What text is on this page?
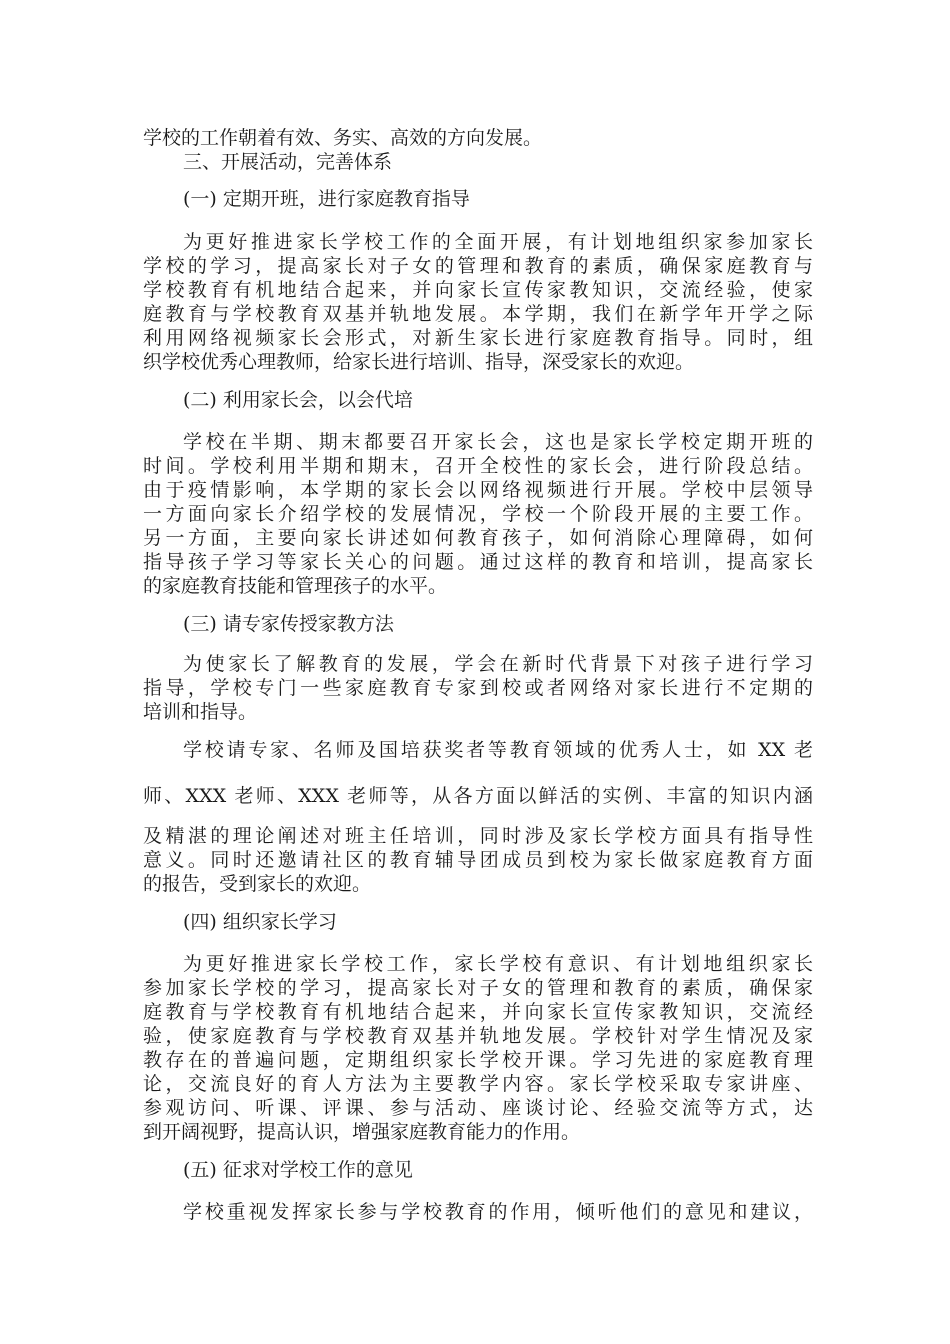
学校的工作朝着有效、务实、高效的方向发展。
三、开展活动，完善体系
(一) 定期开班，进行家庭教育指导
为更好推进家长学校工作的全面开展，有计划地组织家参加家长
学校的学习，提高家长对子女的管理和教育的素质，确保家庭教育与
学校教育有机地结合起来，并向家长宣传家教知识，交流经验，使家
庭教育与学校教育双基并轨地发展。本学期，我们在新学年开学之际
利用网络视频家长会形式，对新生家长进行家庭教育指导。同时，组
织学校优秀心理教师，给家长进行培训、指导，深受家长的欢迎。
(二) 利用家长会，以会代培
学校在半期、期末都要召开家长会，这也是家长学校定期开班的
时间。学校利用半期和期末，召开全校性的家长会，进行阶段总结。
由于疫情影响，本学期的家长会以网络视频进行开展。学校中层领导
一方面向家长介绍学校的发展情况，学校一个阶段开展的主要工作。
另一方面，主要向家长讲述如何教育孩子，如何消除心理障碍，如何
指导孩子学习等家长关心的问题。通过这样的教育和培训，提高家长
的家庭教育技能和管理孩子的水平。
(三) 请专家传授家教方法
为使家长了解教育的发展，学会在新时代背景下对孩子进行学习
指导，学校专门一些家庭教育专家到校或者网络对家长进行不定期的
培训和指导。
学校请专家、名师及国培获奖者等教育领域的优秀人士，如 XX 老
师、XXX 老师、XXX 老师等，从各方面以鲜活的实例、丰富的知识内涵
及精湛的理论阐述对班主任培训，同时涉及家长学校方面具有指导性
意义。同时还邀请社区的教育辅导团成员到校为家长做家庭教育方面
的报告，受到家长的欢迎。
(四) 组织家长学习
为更好推进家长学校工作，家长学校有意识、有计划地组织家长
参加家长学校的学习，提高家长对子女的管理和教育的素质，确保家
庭教育与学校教育有机地结合起来，并向家长宣传家教知识，交流经
验，使家庭教育与学校教育双基并轨地发展。学校针对学生情况及家
教存在的普遍问题，定期组织家长学校开课。学习先进的家庭教育理
论，交流良好的育人方法为主要教学内容。家长学校采取专家讲座、
参观访问、听课、评课、参与活动、座谈讨论、经验交流等方式，达
到开阔视野，提高认识，增强家庭教育能力的作用。
(五) 征求对学校工作的意见
学校重视发挥家长参与学校教育的作用，倾听他们的意见和建议，
